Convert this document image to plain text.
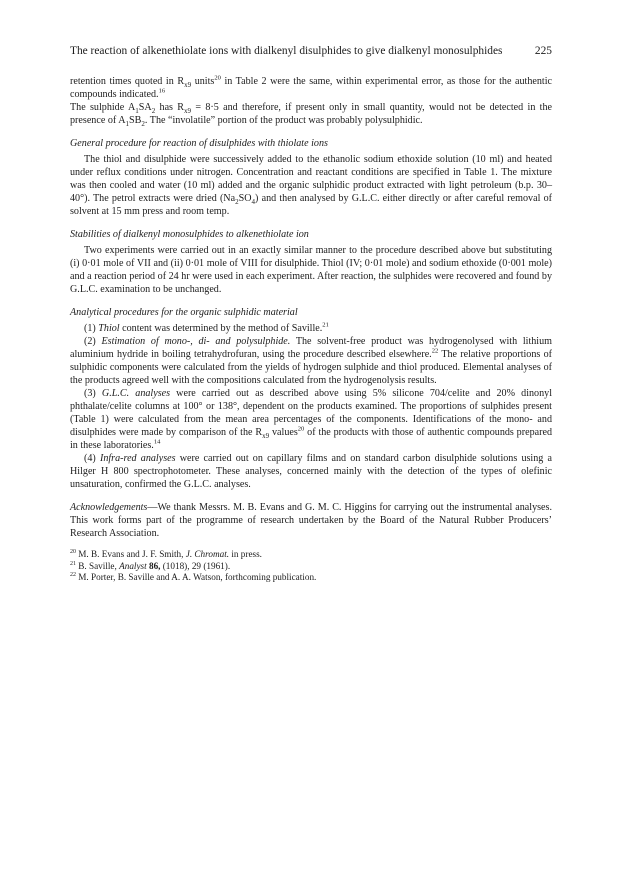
The reaction of alkenethiolate ions with dialkenyl disulphides to give dialkenyl monosulphides	225

retention times quoted in $R_{x9}$ units$^{20}$ in Table 2 were the same, within experimental error, as those for the authentic compounds indicated.$^{16}$

The sulphide $A_1SA_2$ has $R_{x9} = 8\cdot 5$ and therefore, if present only in small quantity, would not be detected in the presence of $A_1SB_2$. The “involatile” portion of the product was probably polysulphidic.

General procedure for reaction of disulphides with thiolate ions

The thiol and disulphide were successively added to the ethanolic sodium ethoxide solution (10 ml) and heated under reflux conditions under nitrogen. Concentration and reactant conditions are specified in Table 1. The mixture was then cooled and water (10 ml) added and the organic sulphidic product extracted with light petroleum (b.p. 30–40°). The petrol extracts were dried $(Na_2SO_4)$ and then analysed by G.L.C. either directly or after careful removal of solvent at 15 mm press and room temp.

Stabilities of dialkenyl monosulphides to alkenethiolate ion

Two experiments were carried out in an exactly similar manner to the procedure described above but substituting (i) 0·01 mole of VII and (ii) 0·01 mole of VIII for disulphide. Thiol (IV; 0·01 mole) and sodium ethoxide (0·001 mole) and a reaction period of 24 hr were used in each experiment. After reaction, the sulphides were recovered and found by G.L.C. examination to be unchanged.

Analytical procedures for the organic sulphidic material

(1) Thiol content was determined by the method of Saville.$^{21}$

(2) Estimation of mono-, di- and polysulphide. The solvent-free product was hydrogenolysed with lithium aluminium hydride in boiling tetrahydrofuran, using the procedure described elsewhere.$^{22}$ The relative proportions of sulphidic components were calculated from the yields of hydrogen sulphide and thiol produced. Elemental analyses of the products agreed well with the compositions calculated from the hydrogenolysis results.

(3) G.L.C. analyses were carried out as described above using 5% silicone 704/celite and 20% dinonyl phthalate/celite columns at 100° or 138°, dependent on the products examined. The proportions of sulphides present (Table 1) were calculated from the mean area percentages of the components. Identifications of the mono- and disulphides were made by comparison of the $R_{x9}$ values$^{20}$ of the products with those of authentic compounds prepared in these laboratories.$^{14}$

(4) Infra-red analyses were carried out on capillary films and on standard carbon disulphide solutions using a Hilger H 800 spectrophotometer. These analyses, concerned mainly with the detection of the types of olefinic unsaturation, confirmed the G.L.C. analyses.

Acknowledgements—We thank Messrs. M. B. Evans and G. M. C. Higgins for carrying out the instrumental analyses. This work forms part of the programme of research undertaken by the Board of the Natural Rubber Producers’ Research Association.

$^{20}$ M. B. Evans and J. F. Smith, J. Chromat. in press.

$^{21}$ B. Saville, Analyst 86, (1018), 29 (1961).

$^{22}$ M. Porter, B. Saville and A. A. Watson, forthcoming publication.
